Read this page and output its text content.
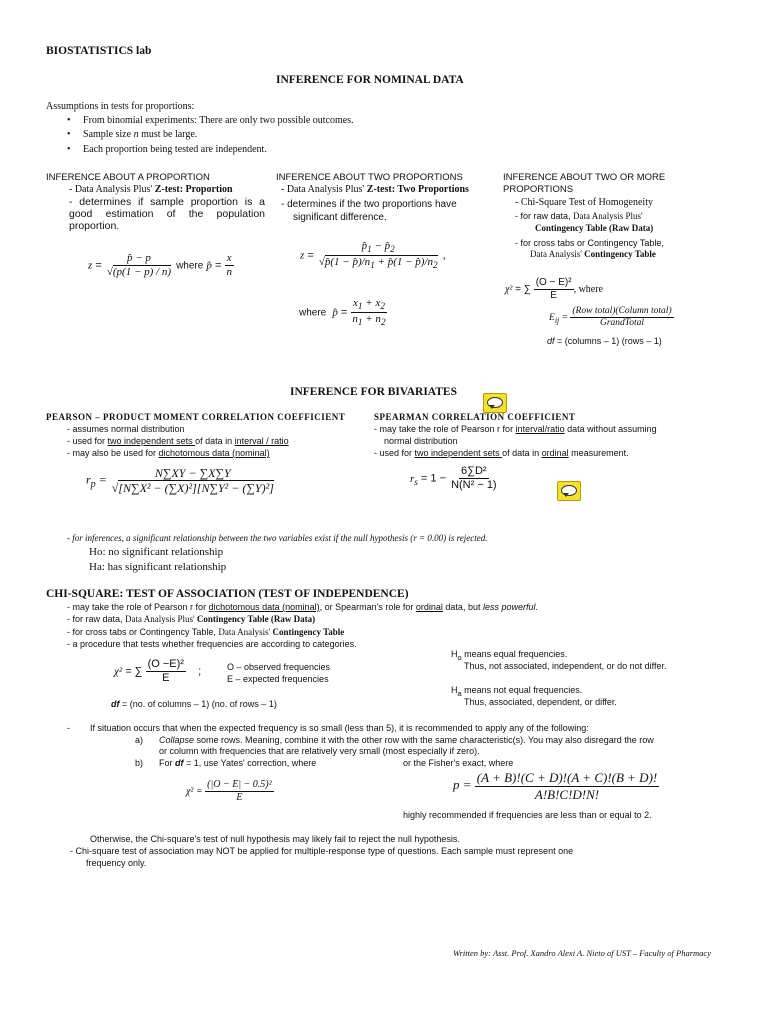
BIOSTATISTICS lab
INFERENCE FOR NOMINAL DATA
Assumptions in tests for proportions:
•     From binomial experiments: There are only two possible outcomes.
•     Sample size n must be large.
•     Each proportion being tested are independent.
INFERENCE ABOUT A PROPORTION
- Data Analysis Plus' Z-test: Proportion
- determines if sample proportion is a good estimation of the population proportion.
$z = \frac{p̂ - p}{√(p(1 - p) / n)}$ where p̂ = $\frac{x}{n}$
INFERENCE ABOUT TWO PROPORTIONS
- Data Analysis Plus' Z-test: Two Proportions
- determines if the two proportions have
significant difference.
$z = \frac{p̂_1 - p̂_2}{√p̂(1 - p̂)/n_1 + p̂(1 - p̂)/n_2}$ ,
where p̂ = $\frac{x_1 + x_2}{n_1 + n_2}$
INFERENCE ABOUT TWO OR MORE
PROPORTIONS
- Chi-Square Test of Homogeneity
- for raw data, Data Analysis Plus'
Contingency Table (Raw Data)
- for cross tabs or Contingency Table,
Data Analysis' Contingency Table
χ² = ∑ $\frac{\text{(O − E)²}}{E}$ , where
$E_{ij} = \frac{\text{(Row total)(Column total)}}{\text{GrandTotal}}$
df = (columns – 1) (rows – 1)
INFERENCE FOR BIVARIATES
PEARSON – PRODUCT MOMENT CORRELATION COEFFICIENT
- assumes normal distribution
- used for two independent sets of data in interval / ratio
- may also be used for dichotomous data (nominal)
SPEARMAN CORRELATION COEFFICIENT
- may take the role of Pearson r for interval/ratio data without assuming
normal distribution
- used for two independent sets of data in ordinal measurement.
$r_p = \frac{N\sum XY - \sum X\sum Y}{\text{√[N∑X² − (∑X)²][N∑Y² − (∑Y)²]}}$	$r_s = 1 - \frac{\text{6∑D²}}{\text{N(N² − 1)}}$
- for inferences, a significant relationship between the two variables exist if the null hypothesis (r = 0.00) is rejected.
Ho: no significant relationship
Ha: has significant relationship
CHI-SQUARE: TEST OF ASSOCIATION (TEST OF INDEPENDENCE)
- may take the role of Pearson r for dichotomous data (nominal), or Spearman's role for ordinal data, but less powerful.
- for raw data, Data Analysis Plus' Contingency Table (Raw Data)
- for cross tabs or Contingency Table, Data Analysis' Contingency Table
- a procedure that tests whether frequencies are according to categories.
χ² = ∑ $\frac{\text{(O −E)²}}{E}$ ;	O – observed frequencies
E – expected frequencies
df = (no. of columns – 1) (no. of rows – 1)
$H_o$ means equal frequencies.
Thus, not associated, independent, or do not differ.
$H_a$ means not equal frequencies.
Thus, associated, dependent, or differ.
- If situation occurs that when the expected frequency is so small (less than 5), it is recommended to apply any of the following:
a) Collapse some rows. Meaning, combine it with the other row with the same characteristic(s). You may also disregard the row
or column with frequencies that are relatively very small (most especially if zero).
b) For df = 1, use Yates' correction, where	or the Fisher's exact, where
$\chi^2 = \frac{\text{(|O − E| − 0.5)²}}{E}$	$p = \frac{(A + B)!(C + D)!(A + C)!(B + D)!}{A!B!C!D!N!}$
highly recommended if frequencies are less than or equal to 2.
Otherwise, the Chi-square's test of null hypothesis may likely fail to reject the null hypothesis.
- Chi-square test of association may NOT be applied for multiple-response type of questions. Each sample must represent one
frequency only.
Written by: Asst. Prof. Xandro Alexi A. Nieto of UST – Faculty of Pharmacy
